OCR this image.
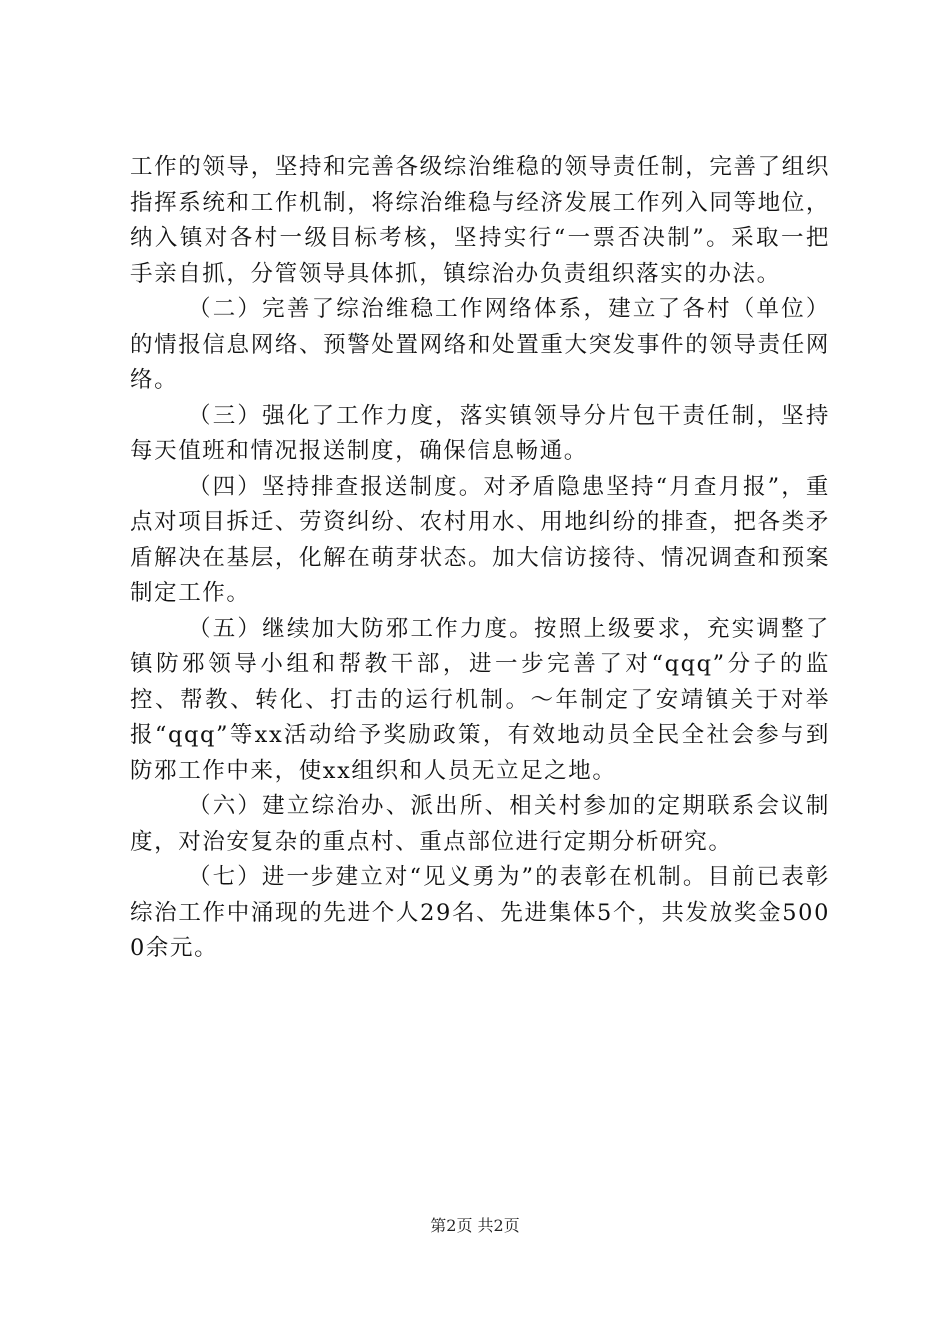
工作的领导，坚持和完善各级综治维稳的领导责任制，完善了组织指挥系统和工作机制，将综治维稳与经济发展工作列入同等地位，纳入镇对各村一级目标考核，坚持实行“一票否决制”。采取一把手亲自抓，分管领导具体抓，镇综治办负责组织落实的办法。

（二）完善了综治维稳工作网络体系，建立了各村（单位）的情报信息网络、预警处置网络和处置重大突发事件的领导责任网络。

（三）强化了工作力度，落实镇领导分片包干责任制，坚持每天值班和情况报送制度，确保信息畅通。

（四）坚持排查报送制度。对矛盾隐患坚持“月查月报”，重点对项目拆迁、劳资纠纷、农村用水、用地纠纷的排查，把各类矛盾解决在基层，化解在萌芽状态。加大信访接待、情况调查和预案制定工作。

（五）继续加大防邪工作力度。按照上级要求，充实调整了镇防邪领导小组和帮教干部，进一步完善了对“qqq”分子的监控、帮教、转化、打击的运行机制。～年制定了安靖镇关于对举报“qqq”等xx活动给予奖励政策，有效地动员全民全社会参与到防邪工作中来，使xx组织和人员无立足之地。

（六）建立综治办、派出所、相关村参加的定期联系会议制度，对治安复杂的重点村、重点部位进行定期分析研究。

（七）进一步建立对“见义勇为”的表彰在机制。目前已表彰综治工作中涌现的先进个人29名、先进集体5个，共发放奖金5000余元。

第2页 共2页
